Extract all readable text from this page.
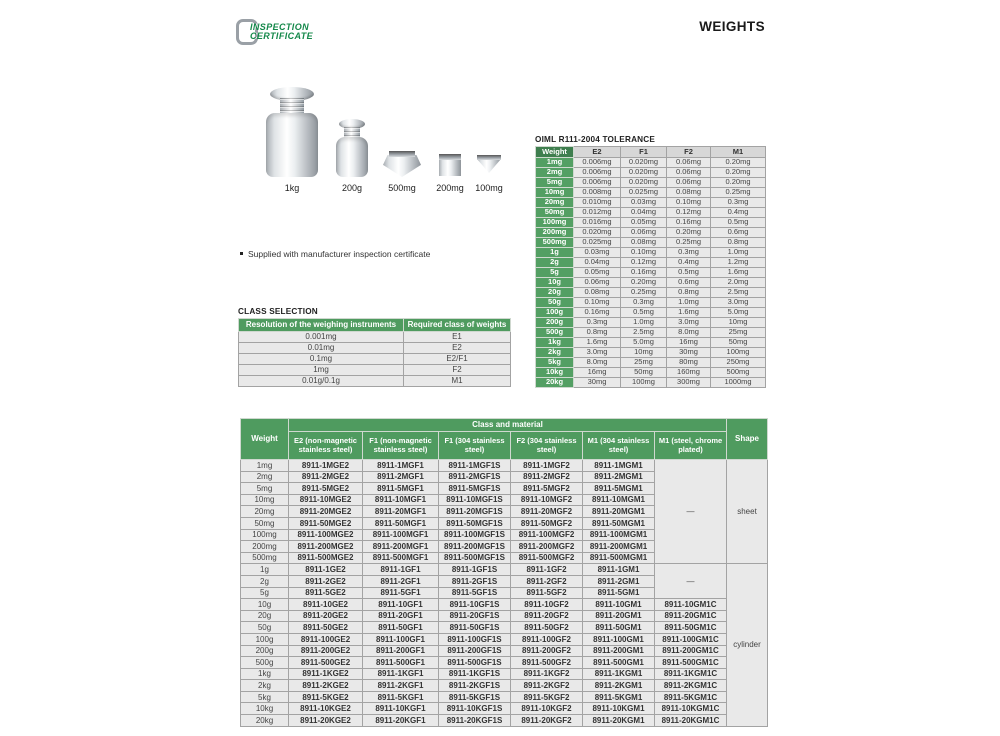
INSPECTION
CERTIFICATE
WEIGHTS
1kg	200g	500mg	200mg	100mg
OIML R111-2004 TOLERANCE
Weight	E2	F1	F2	M1
1mg	0.006mg	0.020mg	0.06mg	0.20mg
2mg	0.006mg	0.020mg	0.06mg	0.20mg
5mg	0.006mg	0.020mg	0.06mg	0.20mg
10mg	0.008mg	0.025mg	0.08mg	0.25mg
20mg	0.010mg	0.03mg	0.10mg	0.3mg
50mg	0.012mg	0.04mg	0.12mg	0.4mg
100mg	0.016mg	0.05mg	0.16mg	0.5mg
200mg	0.020mg	0.06mg	0.20mg	0.6mg
500mg	0.025mg	0.08mg	0.25mg	0.8mg
1g	0.03mg	0.10mg	0.3mg	1.0mg
2g	0.04mg	0.12mg	0.4mg	1.2mg
5g	0.05mg	0.16mg	0.5mg	1.6mg
10g	0.06mg	0.20mg	0.6mg	2.0mg
20g	0.08mg	0.25mg	0.8mg	2.5mg
50g	0.10mg	0.3mg	1.0mg	3.0mg
100g	0.16mg	0.5mg	1.6mg	5.0mg
200g	0.3mg	1.0mg	3.0mg	10mg
500g	0.8mg	2.5mg	8.0mg	25mg
1kg	1.6mg	5.0mg	16mg	50mg
2kg	3.0mg	10mg	30mg	100mg
5kg	8.0mg	25mg	80mg	250mg
10kg	16mg	50mg	160mg	500mg
20kg	30mg	100mg	300mg	1000mg
Supplied with manufacturer inspection certificate
CLASS SELECTION
Resolution of the weighing instruments	Required class of weights
0.001mg	E1
0.01mg	E2
0.1mg	E2/F1
1mg	F2
0.01g/0.1g	M1
Weight	Class and material						Shape
	E2 (non-magnetic stainless steel)	F1 (non-magnetic stainless steel)	F1 (304 stainless steel)	F2 (304 stainless steel)	M1 (304 stainless steel)	M1 (steel, chrome plated)	
1mg	8911-1MGE2	8911-1MGF1	8911-1MGF1S	8911-1MGF2	8911-1MGM1	—	sheet
2mg	8911-2MGE2	8911-2MGF1	8911-2MGF1S	8911-2MGF2	8911-2MGM1		
5mg	8911-5MGE2	8911-5MGF1	8911-5MGF1S	8911-5MGF2	8911-5MGM1		
10mg	8911-10MGE2	8911-10MGF1	8911-10MGF1S	8911-10MGF2	8911-10MGM1		
20mg	8911-20MGE2	8911-20MGF1	8911-20MGF1S	8911-20MGF2	8911-20MGM1		
50mg	8911-50MGE2	8911-50MGF1	8911-50MGF1S	8911-50MGF2	8911-50MGM1		
100mg	8911-100MGE2	8911-100MGF1	8911-100MGF1S	8911-100MGF2	8911-100MGM1		
200mg	8911-200MGE2	8911-200MGF1	8911-200MGF1S	8911-200MGF2	8911-200MGM1		
500mg	8911-500MGE2	8911-500MGF1	8911-500MGF1S	8911-500MGF2	8911-500MGM1		
1g	8911-1GE2	8911-1GF1	8911-1GF1S	8911-1GF2	8911-1GM1	—	cylinder
2g	8911-2GE2	8911-2GF1	8911-2GF1S	8911-2GF2	8911-2GM1		
5g	8911-5GE2	8911-5GF1	8911-5GF1S	8911-5GF2	8911-5GM1		
10g	8911-10GE2	8911-10GF1	8911-10GF1S	8911-10GF2	8911-10GM1	8911-10GM1C	
20g	8911-20GE2	8911-20GF1	8911-20GF1S	8911-20GF2	8911-20GM1	8911-20GM1C	
50g	8911-50GE2	8911-50GF1	8911-50GF1S	8911-50GF2	8911-50GM1	8911-50GM1C	
100g	8911-100GE2	8911-100GF1	8911-100GF1S	8911-100GF2	8911-100GM1	8911-100GM1C	
200g	8911-200GE2	8911-200GF1	8911-200GF1S	8911-200GF2	8911-200GM1	8911-200GM1C	
500g	8911-500GE2	8911-500GF1	8911-500GF1S	8911-500GF2	8911-500GM1	8911-500GM1C	
1kg	8911-1KGE2	8911-1KGF1	8911-1KGF1S	8911-1KGF2	8911-1KGM1	8911-1KGM1C	
2kg	8911-2KGE2	8911-2KGF1	8911-2KGF1S	8911-2KGF2	8911-2KGM1	8911-2KGM1C	
5kg	8911-5KGE2	8911-5KGF1	8911-5KGF1S	8911-5KGF2	8911-5KGM1	8911-5KGM1C	
10kg	8911-10KGE2	8911-10KGF1	8911-10KGF1S	8911-10KGF2	8911-10KGM1	8911-10KGM1C	
20kg	8911-20KGE2	8911-20KGF1	8911-20KGF1S	8911-20KGF2	8911-20KGM1	8911-20KGM1C	
